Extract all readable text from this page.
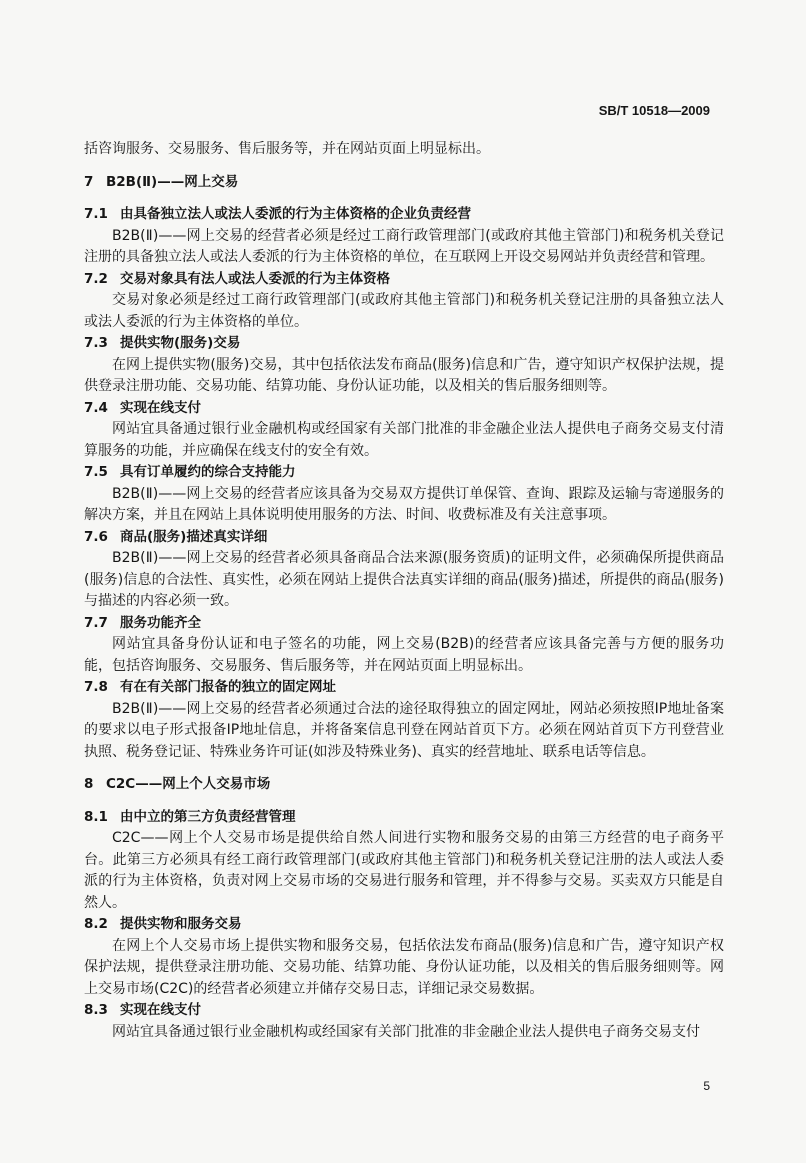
SB/T 10518—2009

括咨询服务、交易服务、售后服务等，并在网站页面上明显标出。

7 B2B(Ⅱ)——网上交易

7.1 由具备独立法人或法人委派的行为主体资格的企业负责经营

B2B(Ⅱ)——网上交易的经营者必须是经过工商行政管理部门(或政府其他主管部门)和税务机关登记注册的具备独立法人或法人委派的行为主体资格的单位，在互联网上开设交易网站并负责经营和管理。

7.2 交易对象具有法人或法人委派的行为主体资格

交易对象必须是经过工商行政管理部门(或政府其他主管部门)和税务机关登记注册的具备独立法人或法人委派的行为主体资格的单位。

7.3 提供实物(服务)交易

在网上提供实物(服务)交易，其中包括依法发布商品(服务)信息和广告，遵守知识产权保护法规，提供登录注册功能、交易功能、结算功能、身份认证功能，以及相关的售后服务细则等。

7.4 实现在线支付

网站宜具备通过银行业金融机构或经国家有关部门批准的非金融企业法人提供电子商务交易支付清算服务的功能，并应确保在线支付的安全有效。

7.5 具有订单履约的综合支持能力

B2B(Ⅱ)——网上交易的经营者应该具备为交易双方提供订单保管、查询、跟踪及运输与寄递服务的解决方案，并且在网站上具体说明使用服务的方法、时间、收费标准及有关注意事项。

7.6 商品(服务)描述真实详细

B2B(Ⅱ)——网上交易的经营者必须具备商品合法来源(服务资质)的证明文件，必须确保所提供商品(服务)信息的合法性、真实性，必须在网站上提供合法真实详细的商品(服务)描述，所提供的商品(服务)与描述的内容必须一致。

7.7 服务功能齐全

网站宜具备身份认证和电子签名的功能，网上交易(B2B)的经营者应该具备完善与方便的服务功能，包括咨询服务、交易服务、售后服务等，并在网站页面上明显标出。

7.8 有在有关部门报备的独立的固定网址

B2B(Ⅱ)——网上交易的经营者必须通过合法的途径取得独立的固定网址，网站必须按照IP地址备案的要求以电子形式报备IP地址信息，并将备案信息刊登在网站首页下方。必须在网站首页下方刊登营业执照、税务登记证、特殊业务许可证(如涉及特殊业务)、真实的经营地址、联系电话等信息。

8 C2C——网上个人交易市场

8.1 由中立的第三方负责经营管理

C2C——网上个人交易市场是提供给自然人间进行实物和服务交易的由第三方经营的电子商务平台。此第三方必须具有经工商行政管理部门(或政府其他主管部门)和税务机关登记注册的法人或法人委派的行为主体资格，负责对网上交易市场的交易进行服务和管理，并不得参与交易。买卖双方只能是自然人。

8.2 提供实物和服务交易

在网上个人交易市场上提供实物和服务交易，包括依法发布商品(服务)信息和广告，遵守知识产权保护法规，提供登录注册功能、交易功能、结算功能、身份认证功能，以及相关的售后服务细则等。网上交易市场(C2C)的经营者必须建立并储存交易日志，详细记录交易数据。

8.3 实现在线支付

网站宜具备通过银行业金融机构或经国家有关部门批准的非金融企业法人提供电子商务交易支付

5
